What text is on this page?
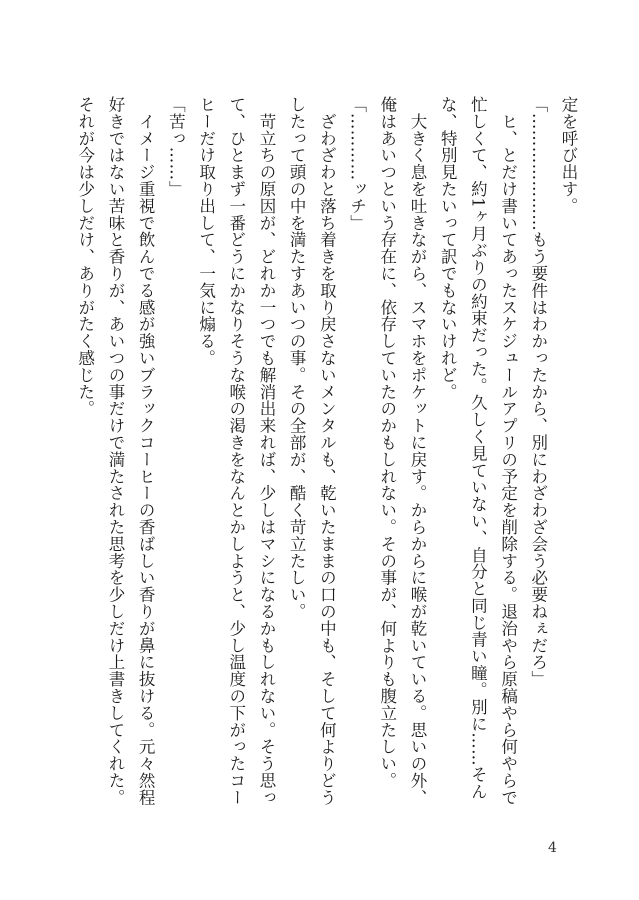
定を呼び出す。

「…………………もう要件はわかったから、別にわざわざ会う必要ねぇだろ」

　ヒ、とだけ書いてあったスケジュールアプリの予定を削除する。退治やら原稿やら何やらで

忙しくて、約1ヶ月ぶりの約束だった。久しく見ていない、自分と同じ青い瞳。別に……そん

な、特別見たいって訳でもないけれど。

　大きく息を吐きながら、スマホをポケットに戻す。からからに喉が乾いている。思いの外、

俺はあいつという存在に、依存していたのかもしれない。その事が、何よりも腹立たしい。

「…………ッチ」

　ざわざわと落ち着きを取り戻さないメンタルも、乾いたままの口の中も、そして何よりどう

したって頭の中を満たすあいつの事。その全部が、酷く苛立たしい。

　苛立ちの原因が、どれか一つでも解消出来れば、少しはマシになるかもしれない。そう思っ

て、ひとまず一番どうにかなりそうな喉の渇きをなんとかしようと、少し温度の下がったコー

ヒーだけ取り出して、一気に煽る。

「苦っ……」

　イメージ重視で飲んでる感が強いブラックコーヒーの香ばしい香りが鼻に抜ける。元々然程

好きではない苦味と香りが、あいつの事だけで満たされた思考を少しだけ上書きしてくれた。

それが今は少しだけ、ありがたく感じた。

4
